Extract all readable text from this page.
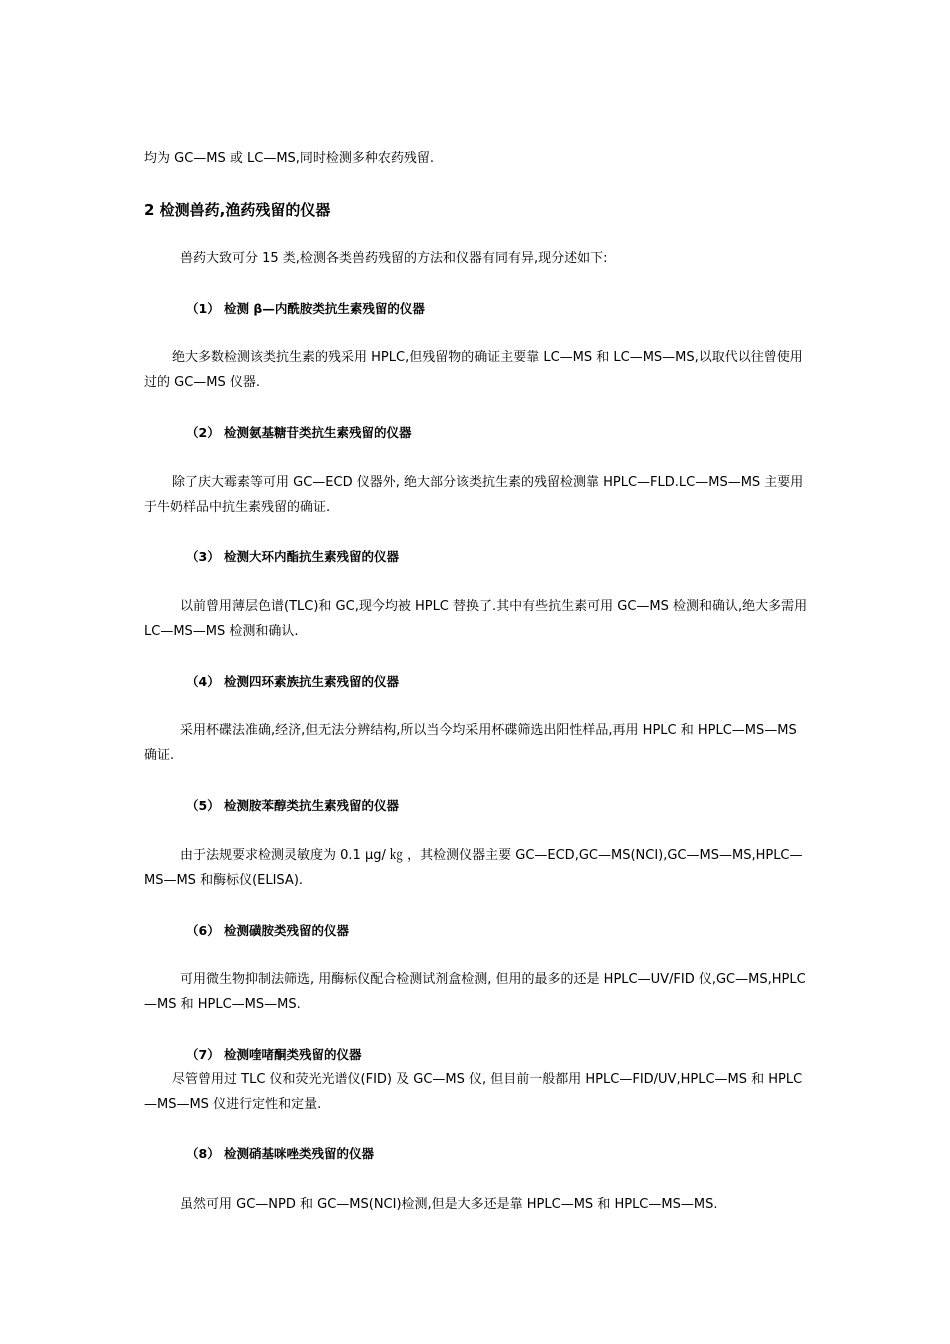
均为 GC—MS 或 LC—MS,同时检测多种农药残留.

2 检测兽药,渔药残留的仪器

兽药大致可分 15 类,检测各类兽药残留的方法和仪器有同有异,现分述如下:

（1） 检测 β—内酰胺类抗生素残留的仪器

绝大多数检测该类抗生素的残采用 HPLC,但残留物的确证主要靠 LC—MS 和 LC—MS—MS,以取代以往曾使用过的 GC—MS 仪器.

（2） 检测氨基糖苷类抗生素残留的仪器

除了庆大霉素等可用 GC—ECD 仪器外, 绝大部分该类抗生素的残留检测靠 HPLC—FLD.LC—MS—MS 主要用于牛奶样品中抗生素残留的确证.

（3） 检测大环内酯抗生素残留的仪器

以前曾用薄层色谱(TLC)和 GC,现今均被 HPLC 替换了.其中有些抗生素可用 GC—MS 检测和确认,绝大多需用 LC—MS—MS 检测和确认.

（4） 检测四环素族抗生素残留的仪器

采用杯碟法准确,经济,但无法分辨结构,所以当今均采用杯碟筛选出阳性样品,再用 HPLC 和 HPLC—MS—MS 确证.

（5） 检测胺苯醇类抗生素残留的仪器

由于法规要求检测灵敏度为 0.1 μg/ ㎏ ，其检测仪器主要 GC—ECD,GC—MS(NCI),GC—MS—MS,HPLC—MS—MS 和酶标仪(ELISA).

（6） 检测磺胺类残留的仪器

可用微生物抑制法筛选, 用酶标仪配合检测试剂盒检测, 但用的最多的还是 HPLC—UV/FID 仪,GC—MS,HPLC—MS 和 HPLC—MS—MS.

（7） 检测喹啫酮类残留的仪器

尽管曾用过 TLC 仪和荧光光谱仪(FID) 及 GC—MS 仪, 但目前一般都用 HPLC—FID/UV,HPLC—MS 和 HPLC—MS—MS 仪进行定性和定量.

（8） 检测硝基咪唑类残留的仪器

虽然可用 GC—NPD 和 GC—MS(NCI)检测,但是大多还是靠 HPLC—MS 和 HPLC—MS—MS.
